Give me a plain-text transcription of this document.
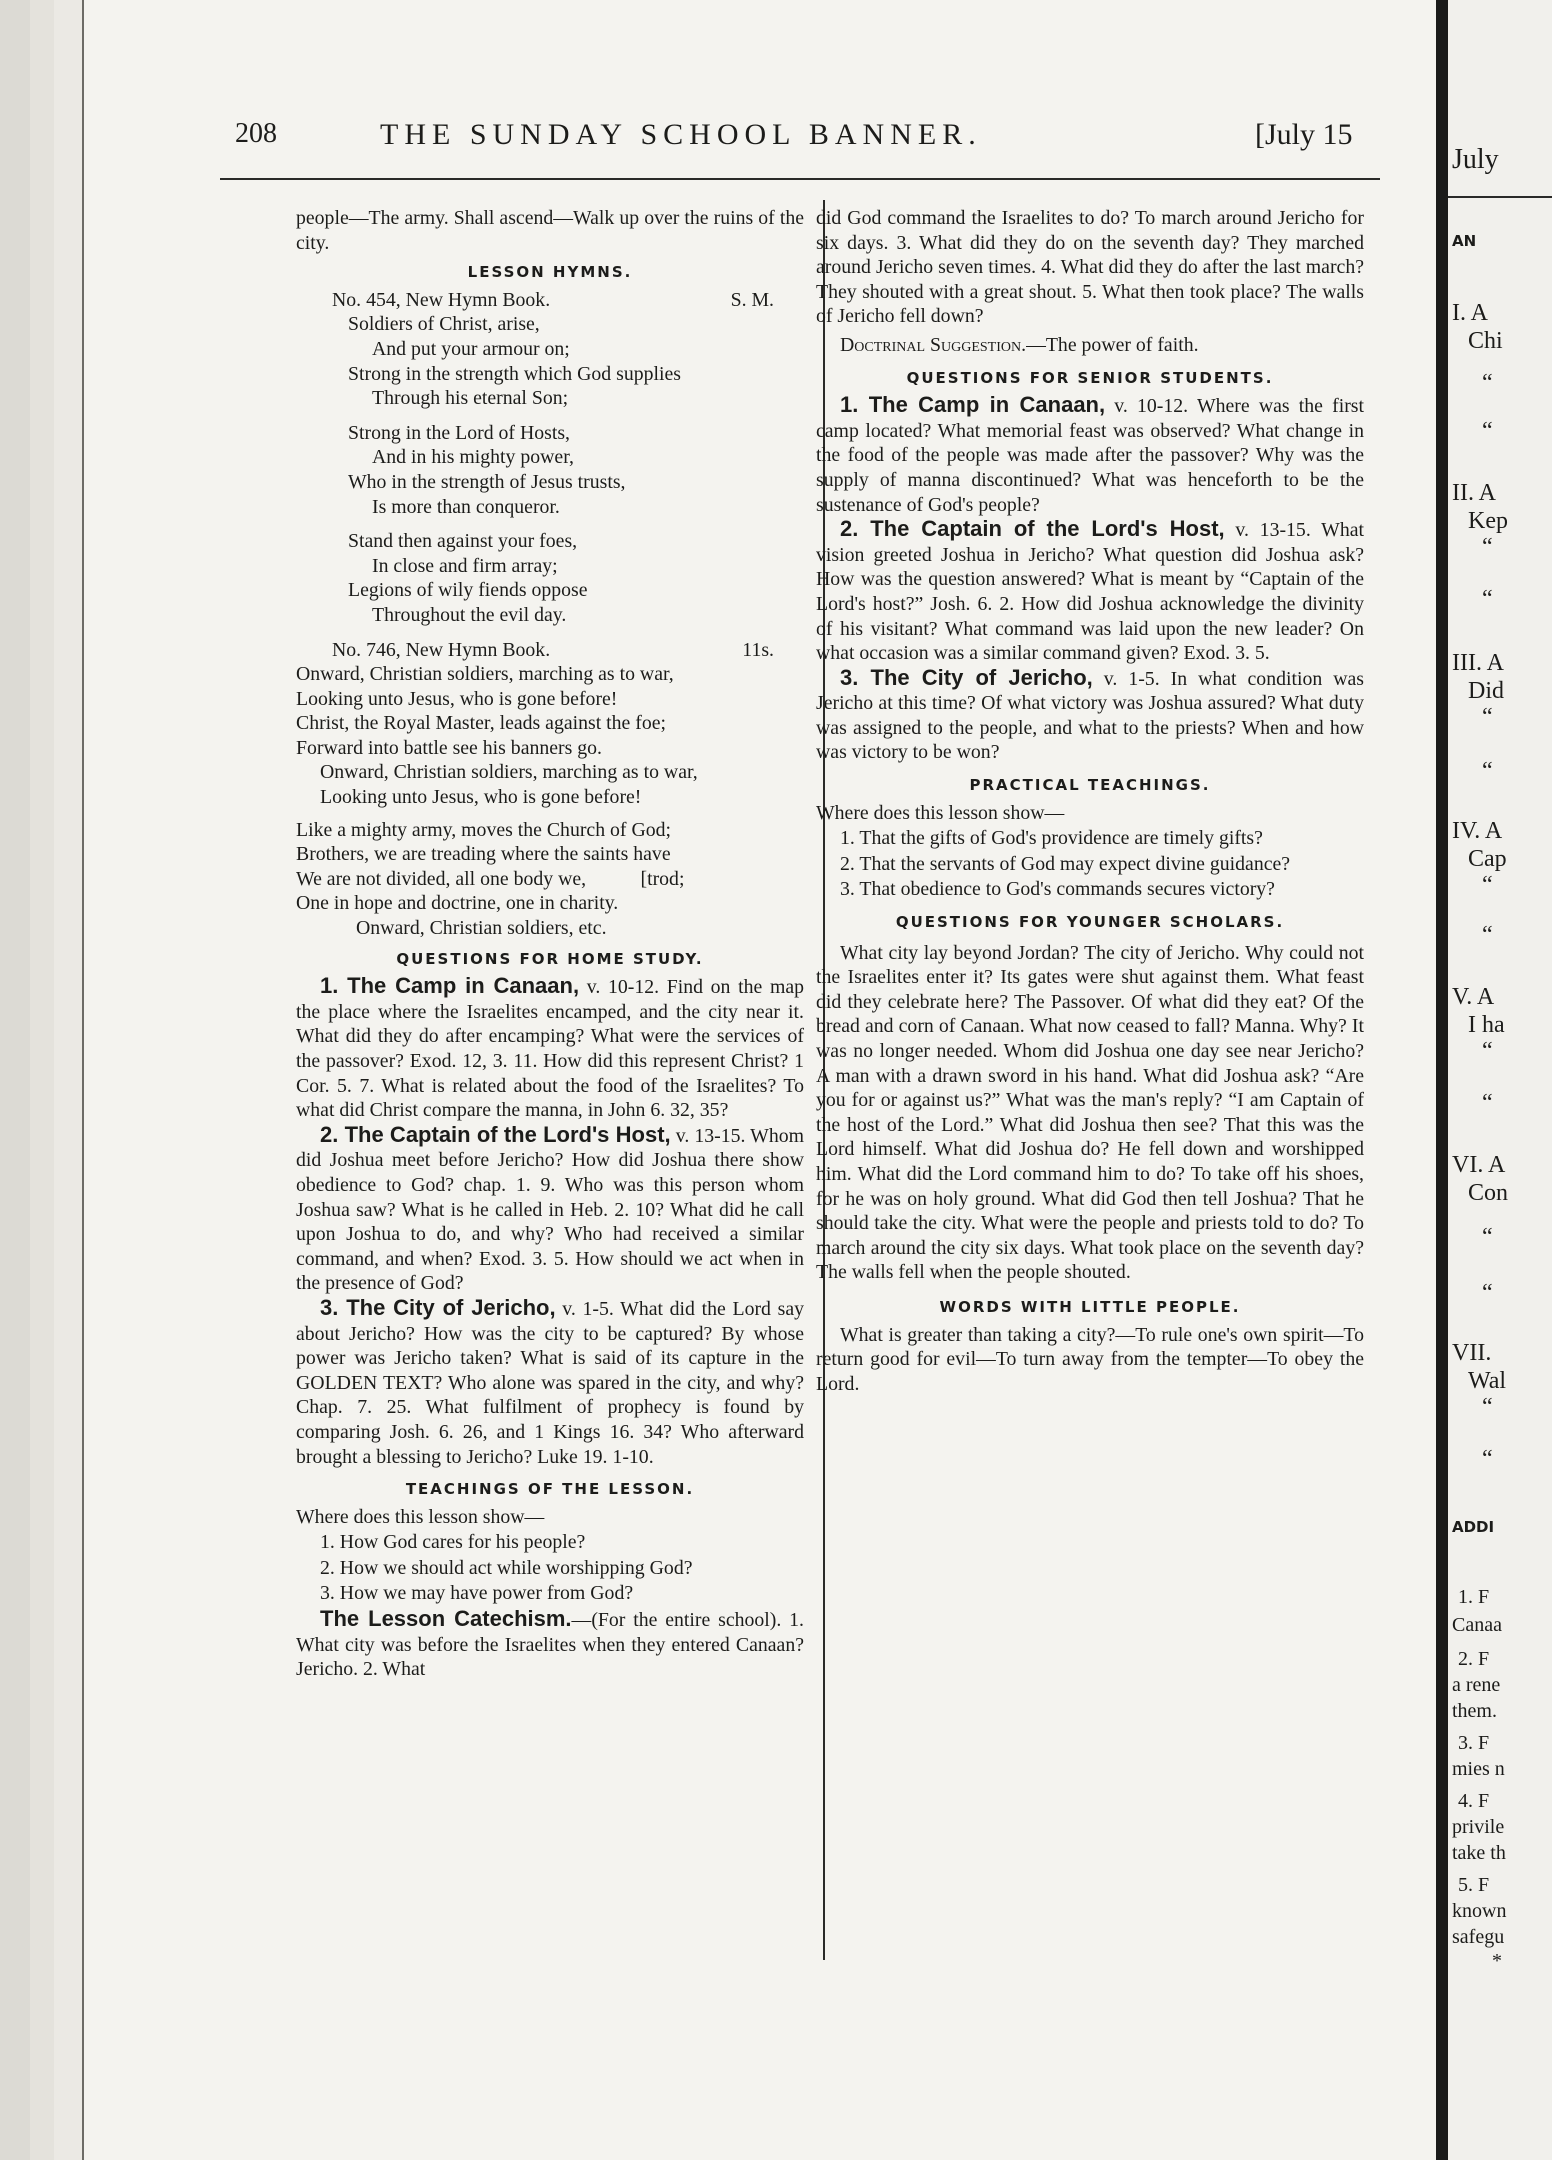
208	THE SUNDAY SCHOOL BANNER.	[July 15

people—The army. Shall ascend—Walk up over the ruins of the city.

LESSON HYMNS.
No. 454, New Hymn Book.	S. M.
Soldiers of Christ, arise,
And put your armour on;
Strong in the strength which God supplies
Through his eternal Son;
Strong in the Lord of Hosts,
And in his mighty power,
Who in the strength of Jesus trusts,
Is more than conqueror.
Stand then against your foes,
In close and firm array;
Legions of wily fiends oppose
Throughout the evil day.
No. 746, New Hymn Book.	11s.
Onward, Christian soldiers, marching as to war,
Looking unto Jesus, who is gone before!
Christ, the Royal Master, leads against the foe;
Forward into battle see his banners go.
Onward, Christian soldiers, marching as to war,
Looking unto Jesus, who is gone before!
Like a mighty army, moves the Church of God;
Brothers, we are treading where the saints have
We are not divided, all one body we,           [trod;
One in hope and doctrine, one in charity.
Onward, Christian soldiers, etc.
QUESTIONS FOR HOME STUDY.

1. The Camp in Canaan, v. 10-12. Find on the map the place where the Israelites encamped, and the city near it. What did they do after encamping? What were the services of the passover? Exod. 12, 3. 11. How did this represent Christ? 1 Cor. 5. 7. What is related about the food of the Israelites? To what did Christ compare the manna, in John 6. 32, 35?

2. The Captain of the Lord's Host, v. 13-15. Whom did Joshua meet before Jericho? How did Joshua there show obedience to God? chap. 1. 9. Who was this person whom Joshua saw? What is he called in Heb. 2. 10? What did he call upon Joshua to do, and why? Who had received a similar command, and when? Exod. 3. 5. How should we act when in the presence of God?

3. The City of Jericho, v. 1-5. What did the Lord say about Jericho? How was the city to be captured? By whose power was Jericho taken? What is said of its capture in the GOLDEN TEXT? Who alone was spared in the city, and why? Chap. 7. 25. What fulfilment of prophecy is found by comparing Josh. 6. 26, and 1 Kings 16. 34? Who afterward brought a blessing to Jericho? Luke 19. 1-10.

TEACHINGS OF THE LESSON.

Where does this lesson show—

1. How God cares for his people?
2. How we should act while worshipping God?
3. How we may have power from God?

The Lesson Catechism.—(For the entire school). 1. What city was before the Israelites when they entered Canaan? Jericho. 2. What

did God command the Israelites to do? To march around Jericho for six days. 3. What did they do on the seventh day? They marched around Jericho seven times. 4. What did they do after the last march? They shouted with a great shout. 5. What then took place? The walls of Jericho fell down?

Doctrinal Suggestion.—The power of faith.

QUESTIONS FOR SENIOR STUDENTS.

1. The Camp in Canaan, v. 10-12. Where was the first camp located? What memorial feast was observed? What change in the food of the people was made after the passover? Why was the supply of manna discontinued? What was henceforth to be the sustenance of God's people?

2. The Captain of the Lord's Host, v. 13-15. What vision greeted Joshua in Jericho? What question did Joshua ask? How was the question answered? What is meant by “Captain of the Lord's host?” Josh. 6. 2. How did Joshua acknowledge the divinity of his visitant? What command was laid upon the new leader? On what occasion was a similar command given? Exod. 3. 5.

3. The City of Jericho, v. 1-5. In what condition was Jericho at this time? Of what victory was Joshua assured? What duty was assigned to the people, and what to the priests? When and how was victory to be won?

PRACTICAL TEACHINGS.

Where does this lesson show—

1. That the gifts of God's providence are timely gifts?
2. That the servants of God may expect divine guidance?
3. That obedience to God's commands secures victory?
QUESTIONS FOR YOUNGER SCHOLARS.

What city lay beyond Jordan? The city of Jericho. Why could not the Israelites enter it? Its gates were shut against them. What feast did they celebrate here? The Passover. Of what did they eat? Of the bread and corn of Canaan. What now ceased to fall? Manna. Why? It was no longer needed. Whom did Joshua one day see near Jericho? A man with a drawn sword in his hand. What did Joshua ask? “Are you for or against us?” What was the man's reply? “I am Captain of the host of the Lord.” What did Joshua then see? That this was the Lord himself. What did Joshua do? He fell down and worshipped him. What did the Lord command him to do? To take off his shoes, for he was on holy ground. What did God then tell Joshua? That he should take the city. What were the people and priests told to do? To march around the city six days. What took place on the seventh day? The walls fell when the people shouted.

WORDS WITH LITTLE PEOPLE.

What is greater than taking a city?—To rule one's own spirit—To return good for evil—To turn away from the tempter—To obey the Lord.

July
AN
I. A
Chi
“
“
II. A
Kep
“
“
III. A
Did
“
“
IV. A
Cap
“
“
V. A
I ha
“
“
VI. A
Con
“
“
VII.
Wal
“
“
ADDI
1. F
Canaa
2. F
a rene
them.
3. F
mies n
4. F
privile
take th
5. F
known
safegu
*
